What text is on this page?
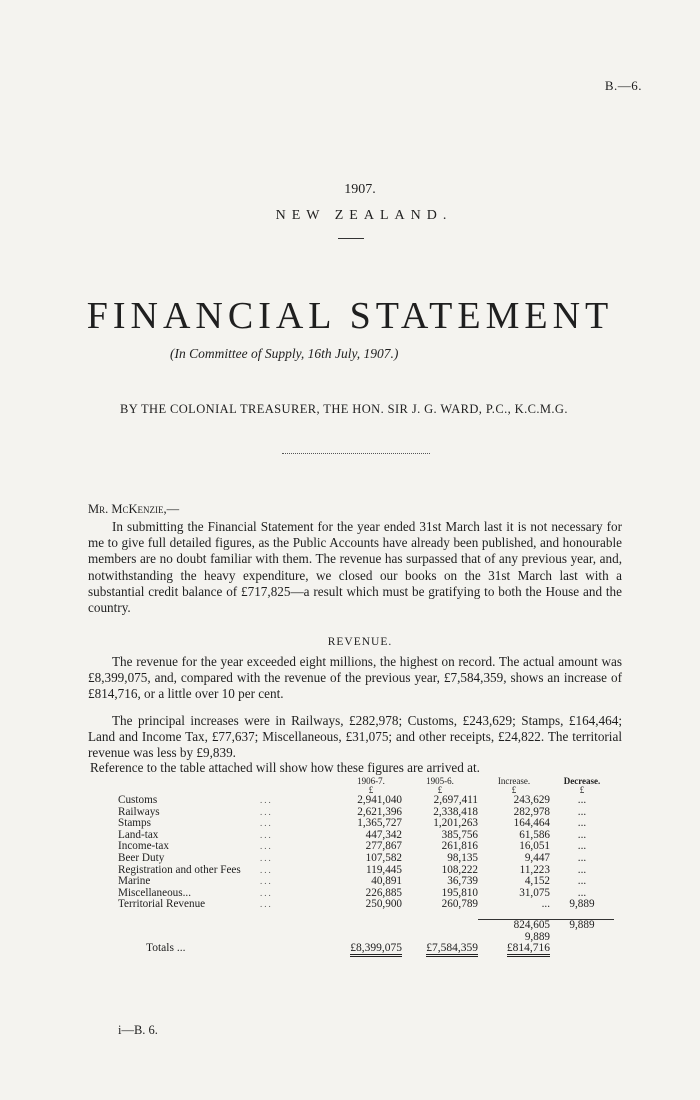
B.—6.
1907.
NEW ZEALAND.
FINANCIAL STATEMENT
(In Committee of Supply, 16th July, 1907.)
BY THE COLONIAL TREASURER, THE HON. SIR J. G. WARD, P.C., K.C.M.G.
Mr. McKenzie,—

In submitting the Financial Statement for the year ended 31st March last it is not necessary for me to give full detailed figures, as the Public Accounts have already been published, and honourable members are no doubt familiar with them. The revenue has surpassed that of any previous year, and, notwithstanding the heavy expenditure, we closed our books on the 31st March last with a substantial credit balance of £717,825—a result which must be gratifying to both the House and the country.

REVENUE.

The revenue for the year exceeded eight millions, the highest on record. The actual amount was £8,399,075, and, compared with the revenue of the previous year, £7,584,359, shows an increase of £814,716, or a little over 10 per cent.

The principal increases were in Railways, £282,978; Customs, £243,629; Stamps, £164,464; Land and Income Tax, £77,637; Miscellaneous, £31,075; and other receipts, £24,822. The territorial revenue was less by £9,839.

Reference to the table attached will show how these figures are arrived at.
		1906-7.	1905-6.	Increase.	Decrease.
		£	£	£	£
Customs	...	2,941,040	2,697,411	243,629	...
Railways	...	2,621,396	2,338,418	282,978	...
Stamps	...	1,365,727	1,201,263	164,464	...
Land-tax	...	447,342	385,756	61,586	...
Income-tax	...	277,867	261,816	16,051	...
Beer Duty	...	107,582	98,135	9,447	...
Registration and other Fees	...	119,445	108,222	11,223	...
Marine	...	40,891	36,739	4,152	...
Miscellaneous...	...	226,885	195,810	31,075	...
Territorial Revenue	...	250,900	260,789	...	9,889

				824,605	9,889
				9,889	
Totals ...		£8,399,075	£7,584,359	£814,716	
i—B. 6.
